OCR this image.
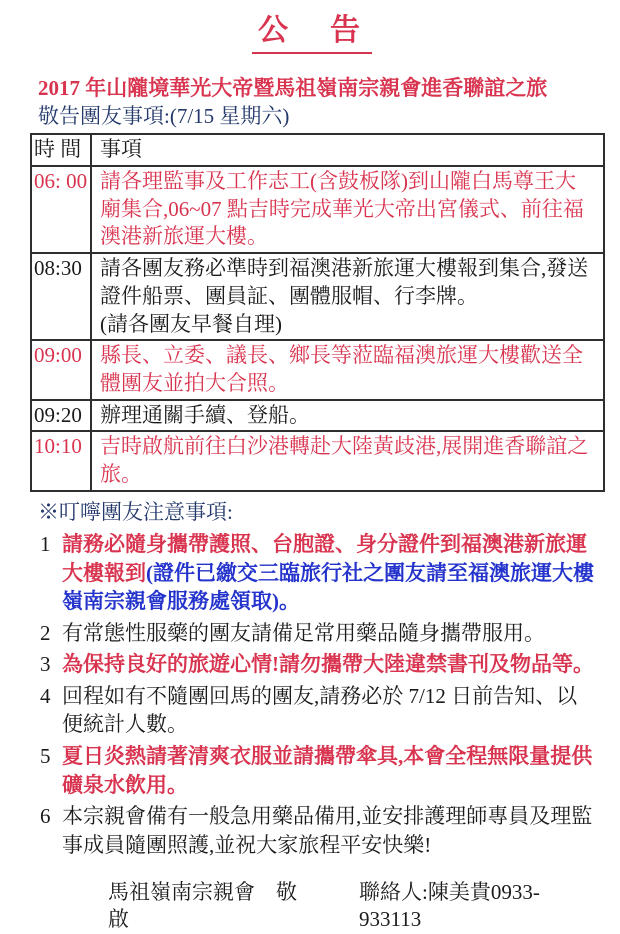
公　告
2017 年山隴境華光大帝暨馬祖嶺南宗親會進香聯誼之旅
敬告團友事項:(7/15 星期六)
時 間	事項
06: 00	請各理監事及工作志工(含鼓板隊)到山隴白馬尊王大廟集合,06~07 點吉時完成華光大帝出宮儀式、前往福澳港新旅運大樓。

08:30	請各團友務必準時到福澳港新旅運大樓報到集合,發送證件船票、團員証、團體服帽、行李牌。
(請各團友早餐自理)

09:00	縣長、立委、議長、鄉長等蒞臨福澳旅運大樓歡送全體團友並拍大合照。

09:20	辦理通關手續、登船。

10:10	吉時啟航前往白沙港轉赴大陸黃歧港,展開進香聯誼之旅。
※叮嚀團友注意事項:
1 請務必隨身攜帶護照、台胞證、身分證件到福澳港新旅運大樓報到(證件已繳交三臨旅行社之團友請至福澳旅運大樓嶺南宗親會服務處領取)。
2 有常態性服藥的團友請備足常用藥品隨身攜帶服用。
3 為保持良好的旅遊心情!請勿攜帶大陸違禁書刊及物品等。
4 回程如有不隨團回馬的團友,請務必於 7/12 日前告知、以便統計人數。
5 夏日炎熱請著清爽衣服並請攜帶傘具,本會全程無限量提供礦泉水飲用。
6 本宗親會備有一般急用藥品備用,並安排護理師專員及理監事成員隨團照護,並祝大家旅程平安快樂!
馬祖嶺南宗親會　敬啟
聯絡人:陳美貴0933-933113
